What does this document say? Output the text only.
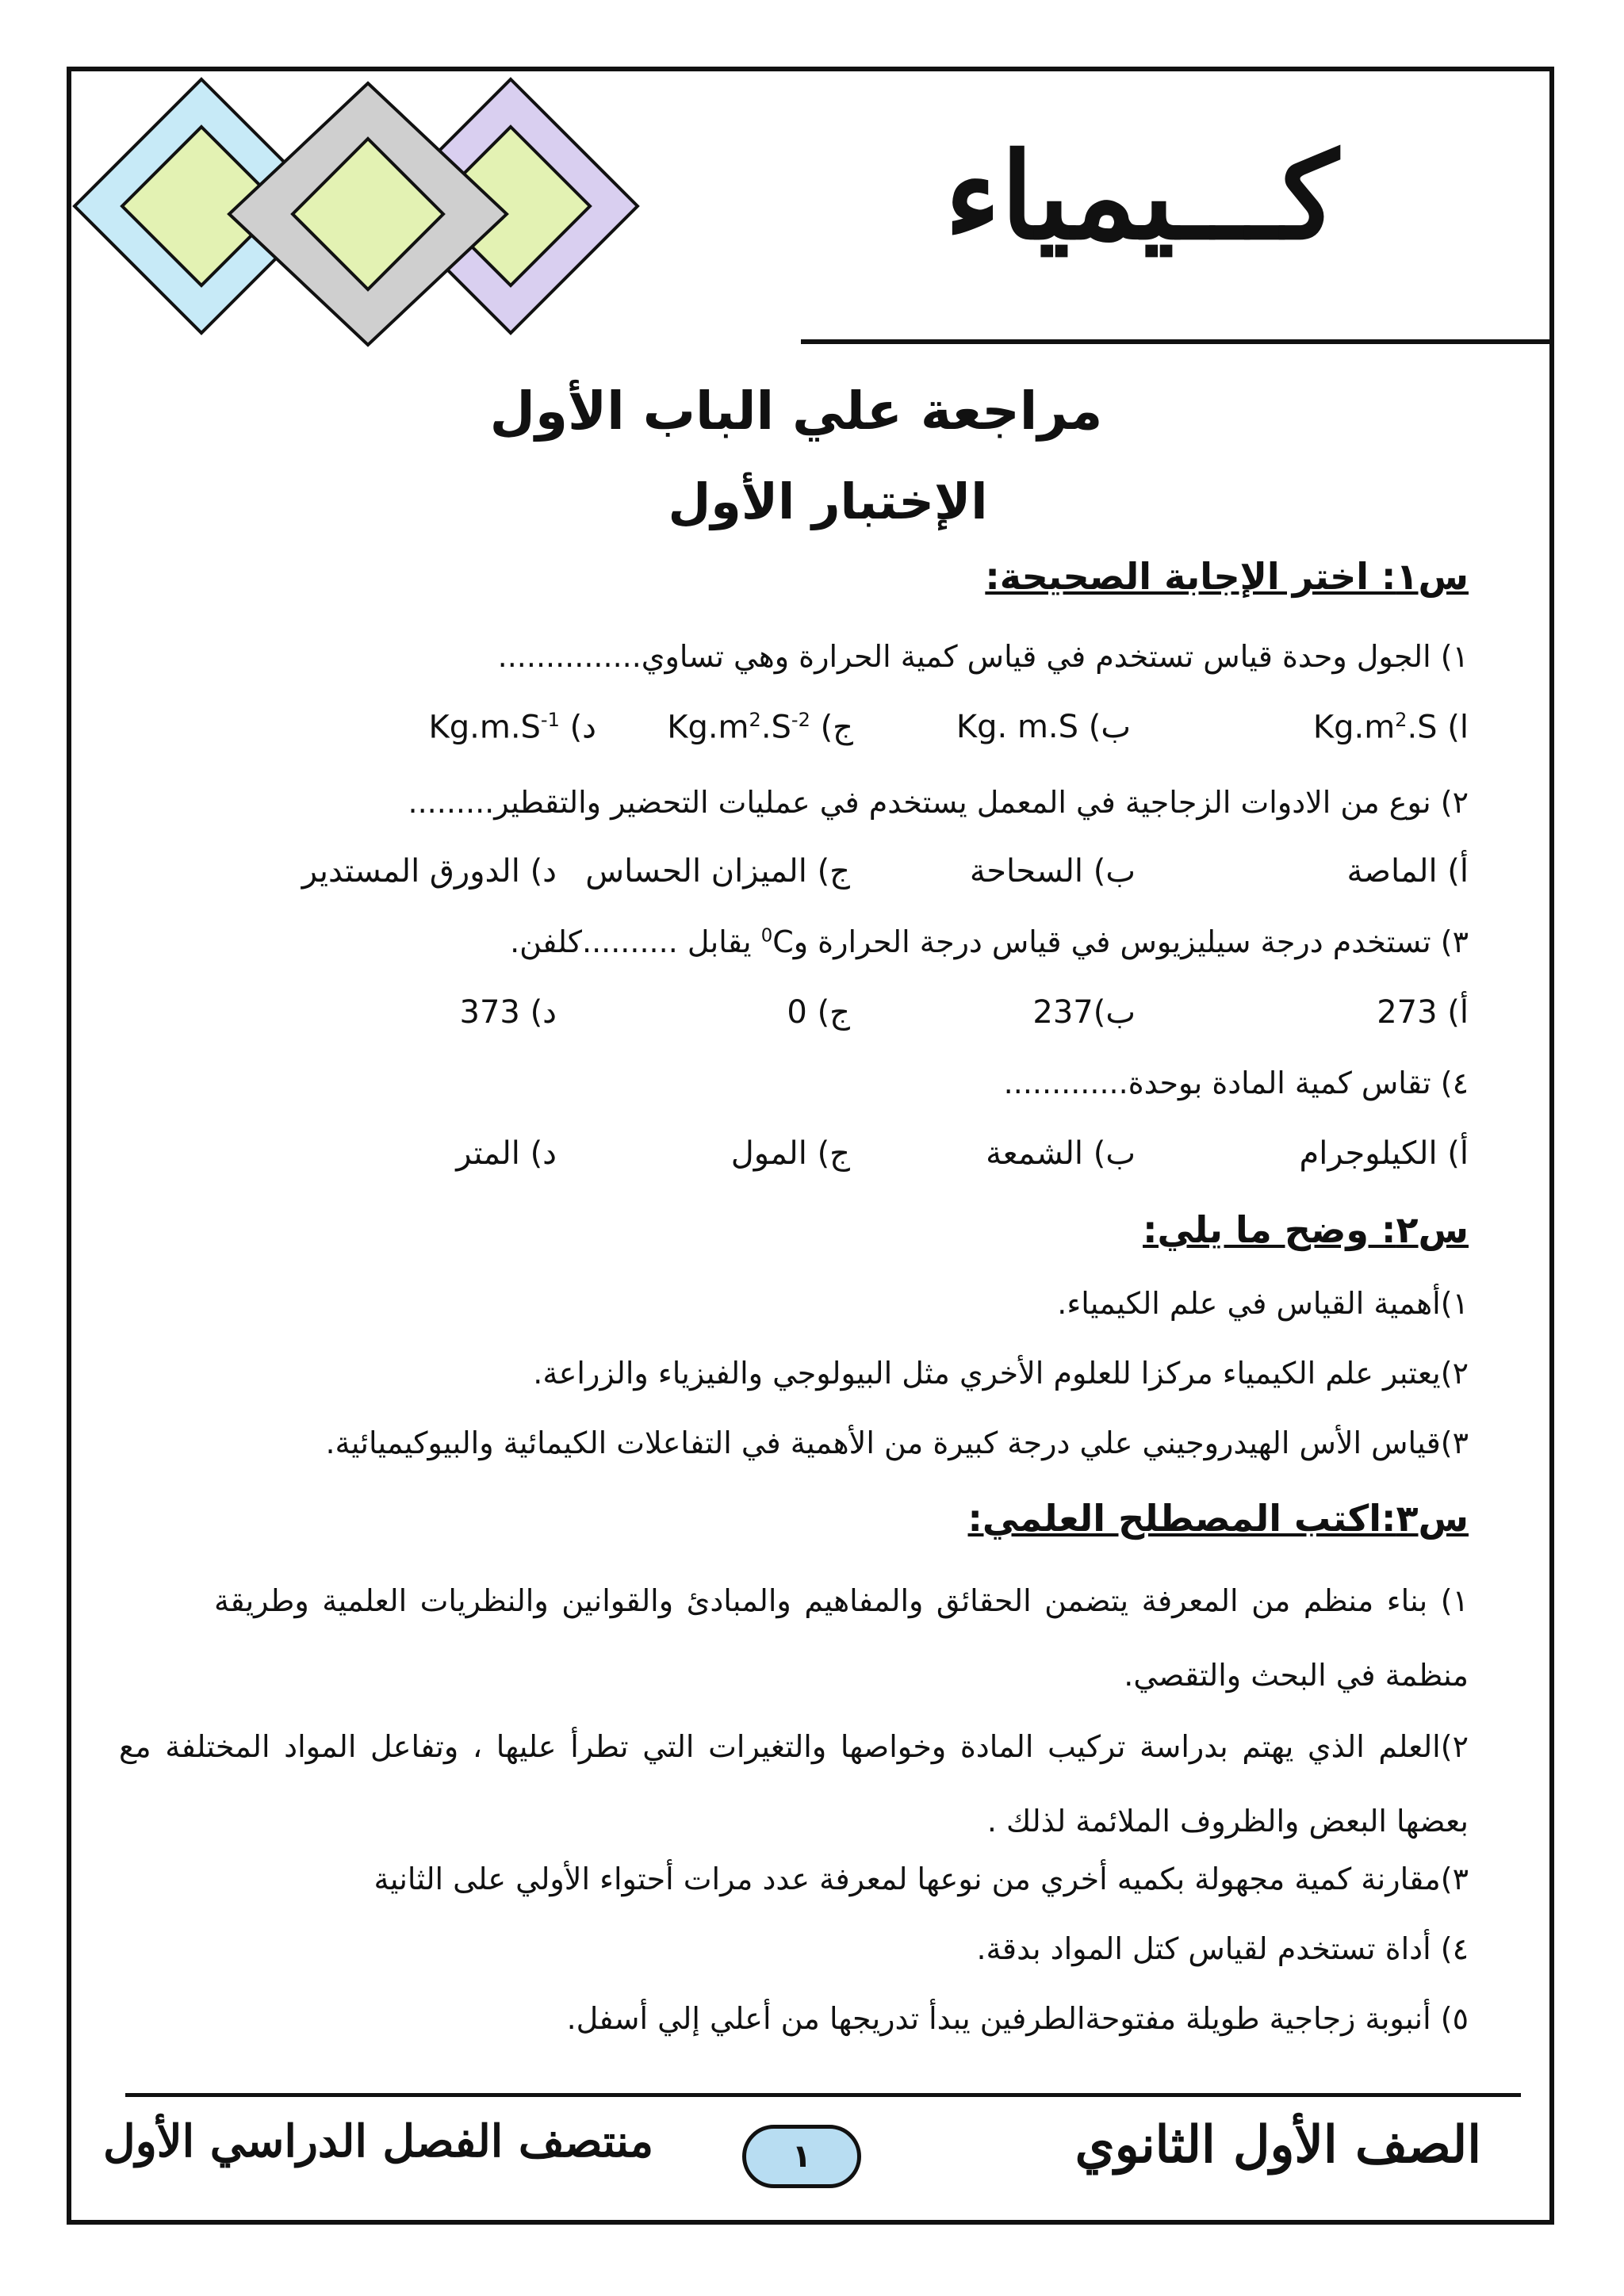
كـــيمياء
مراجعة علي الباب الأول
الإختبار الأول
س١: اختر الإجابة الصحيحة:
١) الجول وحدة قياس تستخدم في قياس كمية الحرارة وهي تساوي...............
ا) $Kg.m^2.S$
ب) Kg. m.S
ج) $Kg.m^2.S^{-2}$
د) $Kg.m.S^{-1}$
٢) نوع من الادوات الزجاجية في المعمل يستخدم في عمليات التحضير والتقطير.........
أ) الماصة
ب) السحاحة
ج) الميزان الحساس
د) الدورق المستدير
٣) تستخدم درجة سيليزيوس في قياس درجة الحرارة و$^0$C يقابل ..........كلفن.
أ) 273
ب)237
ج) 0
د) 373
٤) تقاس كمية المادة بوحدة.............
أ) الكيلوجرام
ب) الشمعة
ج) المول
د) المتر
س٢: وضح ما يلي:
١)أهمية القياس في علم الكيمياء.
٢)يعتبر علم الكيمياء مركزا للعلوم الأخري مثل البيولوجي والفيزياء والزراعة.
٣)قياس الأس الهيدروجيني علي درجة كبيرة من الأهمية في التفاعلات الكيمائية والبيوكيميائية.
س٣:اكتب المصطلح العلمي:
١) بناء منظم من المعرفة يتضمن الحقائق والمفاهيم والمبادئ والقوانين والنظريات العلمية وطريقة منظمة في البحث والتقصي.
٢)العلم الذي يهتم بدراسة تركيب المادة وخواصها والتغيرات التي تطرأ عليها ، وتفاعل المواد المختلفة مع بعضها البعض والظروف الملائمة لذلك .
٣)مقارنة كمية مجهولة بكميه أخري من نوعها لمعرفة عدد مرات أحتواء الأولي على الثانية
٤) أداة تستخدم لقياس كتل المواد بدقة.
٥) أنبوبة زجاجية طويلة مفتوحةالطرفين يبدأ تدريجها من أعلي إلي أسفل.
الصف الأول الثانوي
١
منتصف الفصل الدراسي الأول
